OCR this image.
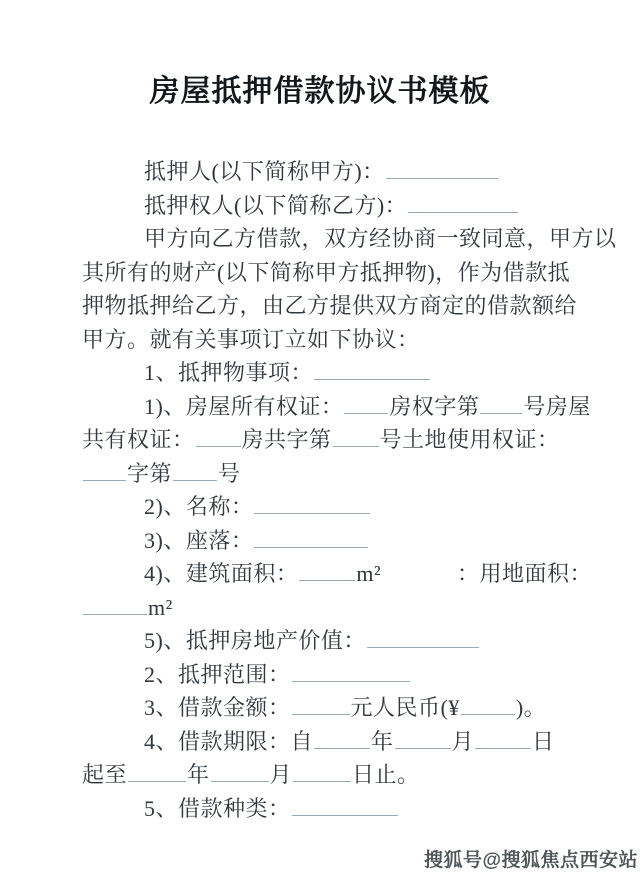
房屋抵押借款协议书模板
抵押人(以下简称甲方)：
抵押权人(以下简称乙方)：
甲方向乙方借款，双方经协商一致同意，甲方以
其所有的财产(以下简称甲方抵押物)，作为借款抵
押物抵押给乙方，由乙方提供双方商定的借款额给
甲方。就有关事项订立如下协议：
1、抵押物事项：
1)、房屋所有权证： 房权字第 号房屋
共有权证： 房共字第 号土地使用权证：
字第 号
2)、名称：
3)、座落：
4)、建筑面积：	m²	：用地面积：
m²
5)、抵押房地产价值：
2、抵押范围：
3、借款金额：	元人民币(¥	)。
4、借款期限：自	年	月	日
起至	年	月	日止。
5、借款种类：
搜狐号@搜狐焦点西安站
